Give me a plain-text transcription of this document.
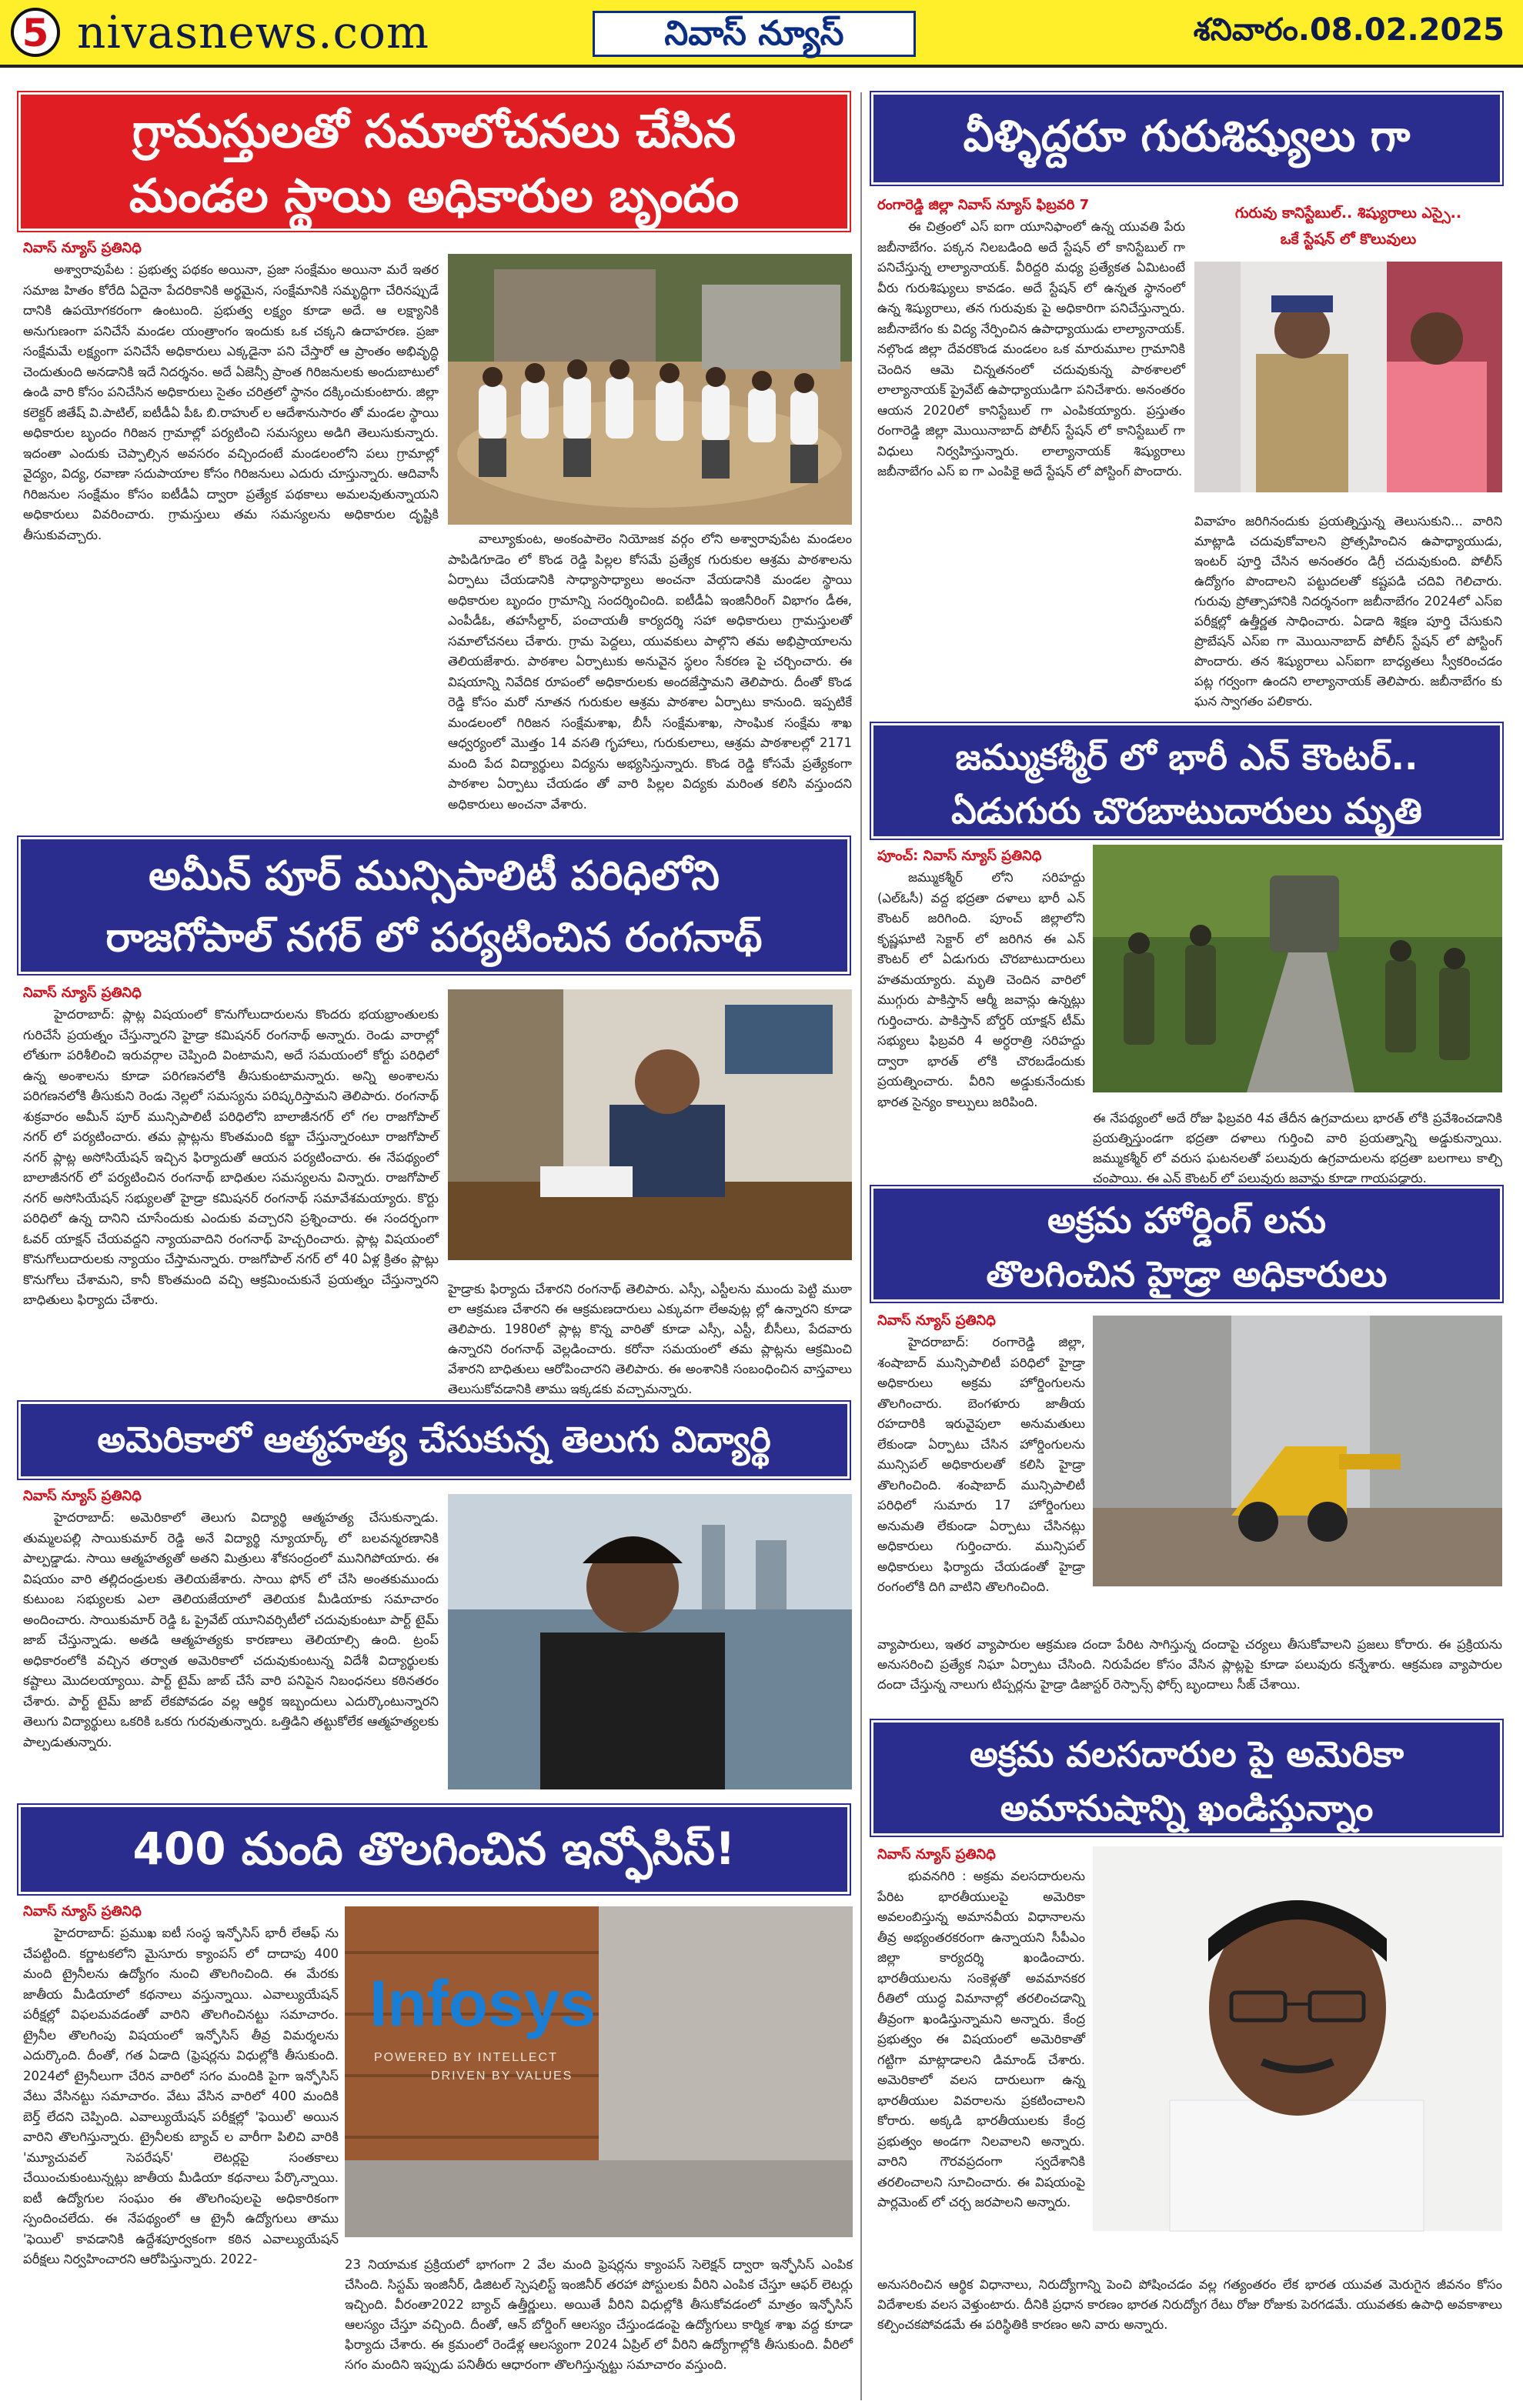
5 nivasnews.com	నివాస్ న్యూస్	శనివారం.08.02.2025
గ్రామస్తులతో సమాలోచనలు చేసిన
మండల స్థాయి అధికారుల బృందం
నివాస్ న్యూస్ ప్రతినిధి

అశ్వారావుపేట : ప్రభుత్వ పథకం అయినా, ప్రజా సంక్షేమం అయినా మరే ఇతర సమాజ హితం కోరేది ఏదైనా పేదరికానికి అర్థమైన, సంక్షేమానికి సమృద్ధిగా చేరినప్పుడే దానికి ఉపయోగకరంగా ఉంటుంది. ప్రభుత్వ లక్ష్యం కూడా అదే. ఆ లక్ష్యానికి అనుగుణంగా పనిచేసే మండల యంత్రాంగం ఇందుకు ఒక చక్కని ఉదాహరణ. ప్రజా సంక్షేమమే లక్ష్యంగా పనిచేసే అధికారులు ఎక్కడైనా పని చేస్తారో ఆ ప్రాంతం అభివృద్ధి చెందుతుంది అనడానికి ఇదే నిదర్శనం. అదే ఏజెన్సీ ప్రాంత గిరిజనులకు అందుబాటులో ఉండి వారి కోసం పనిచేసిన అధికారులు సైతం చరిత్రలో స్థానం దక్కించుకుంటారు. జిల్లా కలెక్టర్ జితేష్ వి.పాటిల్, ఐటీడీఏ పీఓ బి.రాహుల్ ల ఆదేశానుసారం తో మండల స్థాయి అధికారుల బృందం గిరిజన గ్రామాల్లో పర్యటించి సమస్యలు అడిగి తెలుసుకున్నారు. ఇదంతా ఎందుకు చెప్పాల్సిన అవసరం వచ్చిందంటే మండలంలోని పలు గ్రామాల్లో వైద్యం, విద్య, రవాణా సదుపాయాల కోసం గిరిజనులు ఎదురు చూస్తున్నారు. ఆదివాసీ గిరిజనుల సంక్షేమం కోసం ఐటీడీఏ ద్వారా ప్రత్యేక పథకాలు అమలవుతున్నాయని అధికారులు వివరించారు. గ్రామస్తులు తమ సమస్యలను అధికారుల దృష్టికి తీసుకువచ్చారు.	వాల్యూకుంట, అంకంపాలెం నియోజక వర్గం లోని అశ్వారావుపేట మండలం పాపిడిగూడెం లో కొండ రెడ్డి పిల్లల కోసమే ప్రత్యేక గురుకుల ఆశ్రమ పాఠశాలను ఏర్పాటు చేయడానికి సాధ్యాసాధ్యాలు అంచనా వేయడానికి మండల స్థాయి అధికారుల బృందం గ్రామాన్ని సందర్శించింది. ఐటీడీఏ ఇంజినీరింగ్ విభాగం డీఈ, ఎంపీడీఓ, తహసీల్దార్, పంచాయతీ కార్యదర్శి సహా అధికారులు గ్రామస్తులతో సమాలోచనలు చేశారు. గ్రామ పెద్దలు, యువకులు పాల్గొని తమ అభిప్రాయాలను తెలియజేశారు. పాఠశాల ఏర్పాటుకు అనువైన స్థలం సేకరణ పై చర్చించారు. ఈ విషయాన్ని నివేదిక రూపంలో అధికారులకు అందజేస్తామని తెలిపారు. దీంతో కొండ రెడ్డి కోసం మరో నూతన గురుకుల ఆశ్రమ పాఠశాల ఏర్పాటు కానుంది. ఇప్పటికే మండలంలో గిరిజన సంక్షేమశాఖ, బీసీ సంక్షేమశాఖ, సాంఘిక సంక్షేమ శాఖ ఆధ్వర్యంలో మొత్తం 14 వసతి గృహాలు, గురుకులాలు, ఆశ్రమ పాఠశాలల్లో 2171 మంది పేద విద్యార్థులు విద్యను అభ్యసిస్తున్నారు. కొండ రెడ్డి కోసమే ప్రత్యేకంగా పాఠశాల ఏర్పాటు చేయడం తో వారి పిల్లల విద్యకు మరింత కలిసి వస్తుందని అధికారులు అంచనా వేశారు.

వీళ్ళిద్దరూ గురుశిష్యులు గా
రంగారెడ్డి జిల్లా నివాస్ న్యూస్ ఫిబ్రవరి 7

ఈ చిత్రంలో ఎస్ ఐగా యూనిఫాంలో ఉన్న యువతి పేరు జబీనాబేగం. పక్కన నిలబడింది అదే స్టేషన్ లో కానిస్టేబుల్ గా పనిచేస్తున్న లాల్యానాయక్. వీరిద్దరి మధ్య ప్రత్యేకత ఏమిటంటే వీరు గురుశిష్యులు కావడం. అదే స్టేషన్ లో ఉన్నత స్థానంలో ఉన్న శిష్యురాలు, తన గురువుకు పై అధికారిగా పనిచేస్తున్నారు. జబీనాబేగం కు విద్య నేర్పించిన ఉపాధ్యాయుడు లాల్యానాయక్. నల్గొండ జిల్లా దేవరకొండ మండలం ఒక మారుమూల గ్రామానికి చెందిన ఆమె చిన్నతనంలో చదువుకున్న పాఠశాలలో లాల్యానాయక్ ప్రైవేట్ ఉపాధ్యాయుడిగా పనిచేశారు. అనంతరం ఆయన 2020లో కానిస్టేబుల్ గా ఎంపికయ్యారు. ప్రస్తుతం రంగారెడ్డి జిల్లా మొయినాబాద్ పోలీస్ స్టేషన్ లో కానిస్టేబుల్ గా విధులు నిర్వహిస్తున్నారు. లాల్యానాయక్ శిష్యురాలు జబీనాబేగం ఎస్ ఐ గా ఎంపికై అదే స్టేషన్ లో పోస్టింగ్ పొందారు.

గురువు కానిస్టేబుల్.. శిష్యురాలు ఎస్సై..
ఒకే స్టేషన్ లో కొలువులు

వివాహం జరిగినందుకు ప్రయత్నిస్తున్న తెలుసుకుని... వారిని మాట్లాడి చదువుకోవాలని ప్రోత్సహించిన ఉపాధ్యాయుడు, ఇంటర్ పూర్తి చేసిన అనంతరం డిగ్రీ చదువుకుంది. పోలీస్ ఉద్యోగం పొందాలని పట్టుదలతో కష్టపడి చదివి గెలిచారు. గురువు ప్రోత్సాహానికి నిదర్శనంగా జబీనాబేగం 2024లో ఎస్ఐ పరీక్షల్లో ఉత్తీర్ణత సాధించారు. ఏడాది శిక్షణ పూర్తి చేసుకుని ప్రొబేషన్ ఎస్ఐ గా మొయినాబాద్ పోలీస్ స్టేషన్ లో పోస్టింగ్ పొందారు. తన శిష్యురాలు ఎస్ఐగా బాధ్యతలు స్వీకరించడం పట్ల గర్వంగా ఉందని లాల్యానాయక్ తెలిపారు. జబీనాబేగం కు ఘన స్వాగతం పలికారు.

జమ్ముకశ్మీర్ లో భారీ ఎన్ కౌంటర్..
ఏడుగురు చొరబాటుదారులు మృతి
పూంచ్: నివాస్ న్యూస్ ప్రతినిధి

జమ్ముకశ్మీర్ లోని సరిహద్దు (ఎల్ఓసీ) వద్ద భద్రతా దళాలు భారీ ఎన్ కౌంటర్ జరిగింది. పూంచ్ జిల్లాలోని కృష్ణఘాటి సెక్టార్ లో జరిగిన ఈ ఎన్ కౌంటర్ లో ఏడుగురు చొరబాటుదారులు హతమయ్యారు. మృతి చెందిన వారిలో ముగ్గురు పాకిస్తాన్ ఆర్మీ జవాన్లు ఉన్నట్లు గుర్తించారు. పాకిస్తాన్ బోర్డర్ యాక్షన్ టీమ్ సభ్యులు ఫిబ్రవరి 4 అర్ధరాత్రి సరిహద్దు ద్వారా భారత్ లోకి చొరబడేందుకు ప్రయత్నించారు. వీరిని అడ్డుకునేందుకు భారత సైన్యం కాల్పులు జరిపింది.

ఈ నేపథ్యంలో అదే రోజు ఫిబ్రవరి 4వ తేదీన ఉగ్రవాదులు భారత్ లోకి ప్రవేశించడానికి ప్రయత్నిస్తుండగా భద్రతా దళాలు గుర్తించి వారి ప్రయత్నాన్ని అడ్డుకున్నాయి. జమ్ముకశ్మీర్ లో వరుస ఘటనలతో పలువురు ఉగ్రవాదులను భద్రతా బలగాలు కాల్చి చంపాయి. ఈ ఎన్ కౌంటర్ లో పలువురు జవాన్లు కూడా గాయపడ్డారు.

అమీన్ పూర్ మున్సిపాలిటీ పరిధిలోని
రాజగోపాల్ నగర్ లో పర్యటించిన రంగనాథ్
నివాస్ న్యూస్ ప్రతినిధి

హైదరాబాద్: ప్లాట్ల విషయంలో కొనుగోలుదారులను కొందరు భయభ్రాంతులకు గురిచేసే ప్రయత్నం చేస్తున్నారని హైడ్రా కమిషనర్ రంగనాథ్ అన్నారు. రెండు వారాల్లో లోతుగా పరిశీలించి ఇరువర్గాల చెప్పింది వింటామని, అదే సమయంలో కోర్టు పరిధిలో ఉన్న అంశాలను కూడా పరిగణనలోకి తీసుకుంటామన్నారు. అన్ని అంశాలను పరిగణనలోకి తీసుకుని రెండు నెల్లలో సమస్యను పరిష్కరిస్తామని తెలిపారు. రంగనాథ్ శుక్రవారం అమీన్ పూర్ మున్సిపాలిటీ పరిధిలోని బాలాజీనగర్ లో గల రాజగోపాల్ నగర్ లో పర్యటించారు. తమ ప్లాట్లను కొంతమంది కబ్జా చేస్తున్నారంటూ రాజగోపాల్ నగర్ ప్లాట్ల అసోసియేషన్ ఇచ్చిన ఫిర్యాదుతో ఆయన పర్యటించారు. ఈ నేపథ్యంలో బాలాజీనగర్ లో పర్యటించిన రంగనాథ్ బాధితుల సమస్యలను విన్నారు. రాజగోపాల్ నగర్ అసోసియేషన్ సభ్యులతో హైడ్రా కమిషనర్ రంగనాథ్ సమావేశమయ్యారు. కొర్టు పరిధిలో ఉన్న దానిని చూసేందుకు ఎందుకు వచ్చారని ప్రశ్నించారు. ఈ సందర్భంగా ఓవర్ యాక్షన్ చేయవద్దని న్యాయవాదిని రంగనాథ్ హెచ్చరించారు. ప్లాట్ల విషయంలో కొనుగోలుదారులకు న్యాయం చేస్తామన్నారు. రాజగోపాల్ నగర్ లో 40 ఏళ్ల క్రితం ప్లాట్లు కొనుగోలు చేశామని, కానీ కొంతమంది వచ్చి ఆక్రమించుకునే ప్రయత్నం చేస్తున్నారని బాధితులు ఫిర్యాదు చేశారు.

హైడ్రాకు ఫిర్యాదు చేశారని రంగనాథ్ తెలిపారు. ఎస్సీ, ఎస్టీలను ముందు పెట్టి ముఠా లా ఆక్రమణ చేశారని ఈ ఆక్రమణదారులు ఎక్కువగా లేఅవుట్ల ల్లో ఉన్నారని కూడా తెలిపారు. 1980లో ప్లాట్ల కొన్న వారితో కూడా ఎస్సీ, ఎస్టీ, బీసీలు, పేదవారు ఉన్నారని రంగనాథ్ వెల్లడించారు. కరోనా సమయంలో తమ ప్లాట్లను ఆక్రమించి వేశారని బాధితులు ఆరోపించారని తెలిపారు. ఈ అంశానికి సంబంధించిన వాస్తవాలు తెలుసుకోవడానికి తాము ఇక్కడకు వచ్చామన్నారు.

అక్రమ హోర్డింగ్ లను
తొలగించిన హైడ్రా అధికారులు
నివాస్ న్యూస్ ప్రతినిధి

హైదరాబాద్: రంగారెడ్డి జిల్లా, శంషాబాద్ మున్సిపాలిటీ పరిధిలో హైడ్రా అధికారులు అక్రమ హోర్డింగులను తొలగించారు. బెంగళూరు జాతీయ రహదారికి ఇరువైపులా అనుమతులు లేకుండా ఏర్పాటు చేసిన హోర్డింగులను మున్సిపల్ అధికారులతో కలిసి హైడ్రా తొలగించింది. శంషాబాద్ మున్సిపాలిటీ పరిధిలో సుమారు 17 హోర్డింగులు అనుమతి లేకుండా ఏర్పాటు చేసినట్లు అధికారులు గుర్తించారు. మున్సిపల్ అధికారులు ఫిర్యాదు చేయడంతో హైడ్రా రంగంలోకి దిగి వాటిని తొలగించింది.

వ్యాపారులు, ఇతర వ్యాపారుల ఆక్రమణ దందా పేరిట సాగిస్తున్న దందాపై చర్యలు తీసుకోవాలని ప్రజలు కోరారు. ఈ ప్రక్రియను అనుసరించి ప్రత్యేక నిఘా ఏర్పాటు చేసింది. నిరుపేదల కోసం వేసిన ప్లాట్లపై కూడా పలువురు కన్నేశారు. ఆక్రమణ వ్యాపారుల దందా చేస్తున్న నాలుగు టిప్పర్లను హైడ్రా డిజాస్టర్ రెస్పాన్స్ ఫోర్స్ బృందాలు సీజ్ చేశాయి.

అమెరికాలో ఆత్మహత్య చేసుకున్న తెలుగు విద్యార్థి
నివాస్ న్యూస్ ప్రతినిధి

హైదరాబాద్: అమెరికాలో తెలుగు విద్యార్థి ఆత్మహత్య చేసుకున్నాడు. తుమ్మలపల్లి సాయికుమార్ రెడ్డి అనే విద్యార్థి న్యూయార్క్ లో బలవన్మరణానికి పాల్పడ్డాడు. సాయి ఆత్మహత్యతో అతని మిత్రులు శోకసంద్రంలో మునిగిపోయారు. ఈ విషయం వారి తల్లిదండ్రులకు తెలియజేశారు. సాయి ఫోన్ లో చేసి అంతకుముందు కుటుంబ సభ్యులకు ఎలా తెలియజేయాలో తెలియక మీడియాకు సమాచారం అందించారు. సాయికుమార్ రెడ్డి ఓ ప్రైవేట్ యూనివర్సిటీలో చదువుకుంటూ పార్ట్ టైమ్ జాబ్ చేస్తున్నాడు. అతడి ఆత్మహత్యకు కారణాలు తెలియాల్సి ఉంది. ట్రంప్ అధికారంలోకి వచ్చిన తర్వాత అమెరికాలో చదువుకుంటున్న విదేశీ విద్యార్థులకు కష్టాలు మొదలయ్యాయి. పార్ట్ టైమ్ జాబ్ చేసే వారి పనిపైన నిబంధనలు కఠినతరం చేశారు. పార్ట్ టైమ్ జాబ్ లేకపోవడం వల్ల ఆర్థిక ఇబ్బందులు ఎదుర్కొంటున్నారని తెలుగు విద్యార్థులు ఒకరికి ఒకరు గురవుతున్నారు. ఒత్తిడిని తట్టుకోలేక ఆత్మహత్యలకు పాల్పడుతున్నారు.

400 మంది తొలగించిన ఇన్ఫోసిస్!
నివాస్ న్యూస్ ప్రతినిధి

హైదరాబాద్: ప్రముఖ ఐటీ సంస్థ ఇన్ఫోసిస్ భారీ లేఆఫ్ ను చేపట్టింది. కర్ణాటకలోని మైసూరు క్యాంపస్ లో దాదాపు 400 మంది ట్రైనీలను ఉద్యోగం నుంచి తొలగించింది. ఈ మేరకు జాతీయ మీడియాలో కథనాలు వస్తున్నాయి. ఎవాల్యుయేషన్ పరీక్షల్లో విఫలమవడంతో వారిని తొలగించినట్టు సమాచారం. ట్రైనీల తొలగింపు విషయంలో ఇన్ఫోసిస్ తీవ్ర విమర్శలను ఎదుర్కొంది. దీంతో, గత ఏడాది (ఫ్రెషర్లను విధుల్లోకి తీసుకుంది. 2024లో ట్రైనీలుగా చేరిన వారిలో సగం మందికి పైగా ఇన్ఫోసిస్ వేటు వేసినట్టు సమాచారం. వేటు వేసిన వారిలో 400 మందికి బెర్త్ లేదని చెప్పింది. ఎవాల్యుయేషన్ పరీక్షల్లో 'ఫెయిల్' అయిన వారిని తొలగిస్తున్నారు. ట్రైనీలకు బ్యాచ్ ల వారీగా పిలిచి వారికి 'మ్యూచువల్ సెపరేషన్' లెటర్లపై సంతకాలు చేయించుకుంటున్నట్లు జాతీయ మీడియా కథనాలు పేర్కొన్నాయి. ఐటీ ఉద్యోగుల సంఘం ఈ తొలగింపులపై అధికారికంగా స్పందించలేదు. ఈ నేపథ్యంలో ఆ ట్రైనీ ఉద్యోగులు తాము 'ఫెయిల్' కావడానికి ఉద్దేశపూర్వకంగా కఠిన ఎవాల్యుయేషన్ పరీక్షలు నిర్వహించారని ఆరోపిస్తున్నారు. 2022-

Infosys
POWERED BY INTELLECT
DRIVEN BY VALUES

23 నియామక ప్రక్రియలో భాగంగా 2 వేల మంది ఫ్రెషర్లను క్యాంపస్ సెలెక్షన్ ద్వారా ఇన్ఫోసిస్ ఎంపిక చేసింది. సిస్టమ్ ఇంజినీర్, డిజిటల్ స్పెషలిస్ట్ ఇంజినీర్ తరహా పోస్టులకు వీరిని ఎంపిక చేస్తూ ఆఫర్ లెటర్లు ఇచ్చింది. వీరంతా2022 బ్యాచ్ ఉత్తీర్ణులు. అయితే వీరిని విధుల్లోకి తీసుకోవడంలో మాత్రం ఇన్ఫోసిస్ ఆలస్యం చేస్తూ వచ్చింది. దీంతో, ఆన్ బోర్డింగ్ ఆలస్యం చేస్తుండడంపై ఉద్యోగులు కార్మిక శాఖ వద్ద కూడా ఫిర్యాదు చేశారు. ఈ క్రమంలో రెండేళ్ల ఆలస్యంగా 2024 ఏప్రిల్ లో వీరిని ఉద్యోగాల్లోకి తీసుకుంది. వీరిలో సగం మందిని ఇప్పుడు పనితీరు ఆధారంగా తొలగిస్తున్నట్టు సమాచారం వస్తుంది.

అక్రమ వలసదారుల పై అమెరికా
అమానుషాన్ని ఖండిస్తున్నాం
నివాస్ న్యూస్ ప్రతినిధి

భువనగిరి : అక్రమ వలసదారులను పేరిట భారతీయులపై అమెరికా అవలంబిస్తున్న అమానవీయ విధానాలను తీవ్ర అభ్యంతరకరంగా ఉన్నాయని సీపీఎం జిల్లా కార్యదర్శి ఖండించారు. భారతీయులను సంకెళ్లతో అవమానకర రీతిలో యుద్ధ విమానాల్లో తరలించడాన్ని తీవ్రంగా ఖండిస్తున్నామని అన్నారు. కేంద్ర ప్రభుత్వం ఈ విషయంలో అమెరికాతో గట్టిగా మాట్లాడాలని డిమాండ్ చేశారు. అమెరికాలో వలస దారులుగా ఉన్న భారతీయుల వివరాలను ప్రకటించాలని కోరారు. అక్కడి భారతీయులకు కేంద్ర ప్రభుత్వం అండగా నిలవాలని అన్నారు. వారిని గౌరవప్రదంగా స్వదేశానికి తరలించాలని సూచించారు. ఈ విషయంపై పార్లమెంట్ లో చర్చ జరపాలని అన్నారు.

అనుసరించిన ఆర్థిక విధానాలు, నిరుద్యోగాన్ని పెంచి పోషించడం వల్ల గత్యంతరం లేక భారత యువత మెరుగైన జీవనం కోసం విదేశాలకు వలస వెళ్తుంటారు. దీనికి ప్రధాన కారణం భారత నిరుద్యోగ రేటు రోజు రోజుకు పెరగడమే. యువతకు ఉపాధి అవకాశాలు కల్పించకపోవడమే ఈ పరిస్థితికి కారణం అని వారు అన్నారు.
